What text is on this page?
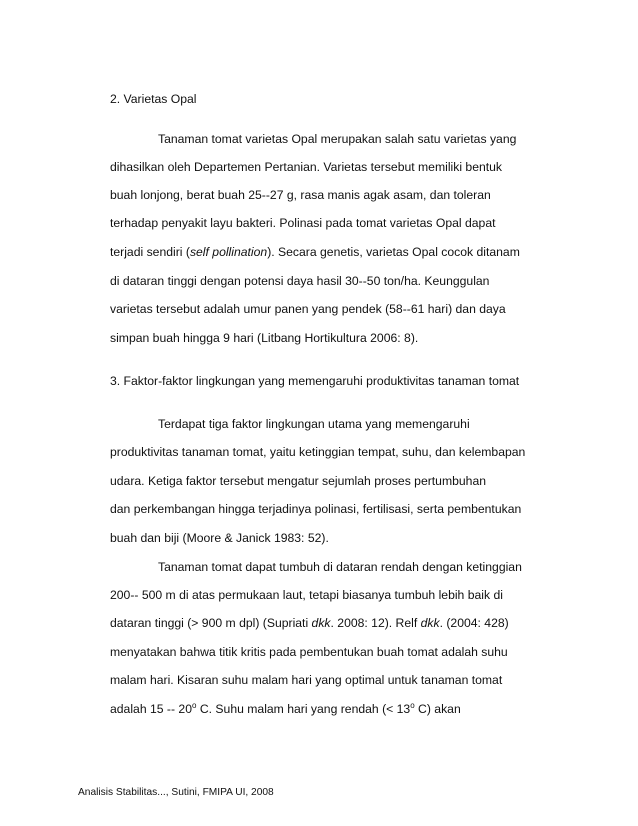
2. Varietas Opal
Tanaman tomat varietas Opal merupakan salah satu varietas yang
dihasilkan oleh Departemen Pertanian. Varietas tersebut memiliki bentuk
buah lonjong, berat buah 25--27 g, rasa manis agak asam, dan toleran
terhadap penyakit layu bakteri. Polinasi pada tomat varietas Opal dapat
terjadi sendiri (self pollination). Secara genetis, varietas Opal cocok ditanam
di dataran tinggi dengan potensi daya hasil 30--50 ton/ha. Keunggulan
varietas tersebut adalah umur panen yang pendek (58--61 hari) dan daya
simpan buah hingga 9 hari (Litbang Hortikultura 2006: 8).
3. Faktor-faktor lingkungan yang memengaruhi produktivitas tanaman tomat
Terdapat tiga faktor lingkungan utama yang memengaruhi
produktivitas tanaman tomat, yaitu ketinggian tempat, suhu, dan kelembapan
udara. Ketiga faktor tersebut mengatur sejumlah proses pertumbuhan
dan perkembangan hingga terjadinya polinasi, fertilisasi, serta pembentukan
buah dan biji (Moore & Janick 1983: 52).
Tanaman tomat dapat tumbuh di dataran rendah dengan ketinggian
200-- 500 m di atas permukaan laut, tetapi biasanya tumbuh lebih baik di
dataran tinggi (> 900 m dpl) (Supriati dkk. 2008: 12). Relf dkk. (2004: 428)
menyatakan bahwa titik kritis pada pembentukan buah tomat adalah suhu
malam hari. Kisaran suhu malam hari yang optimal untuk tanaman tomat
adalah 15 -- 20$^o$ C. Suhu malam hari yang rendah (< $13^o$ C) akan
Analisis Stabilitas..., Sutini, FMIPA UI, 2008
